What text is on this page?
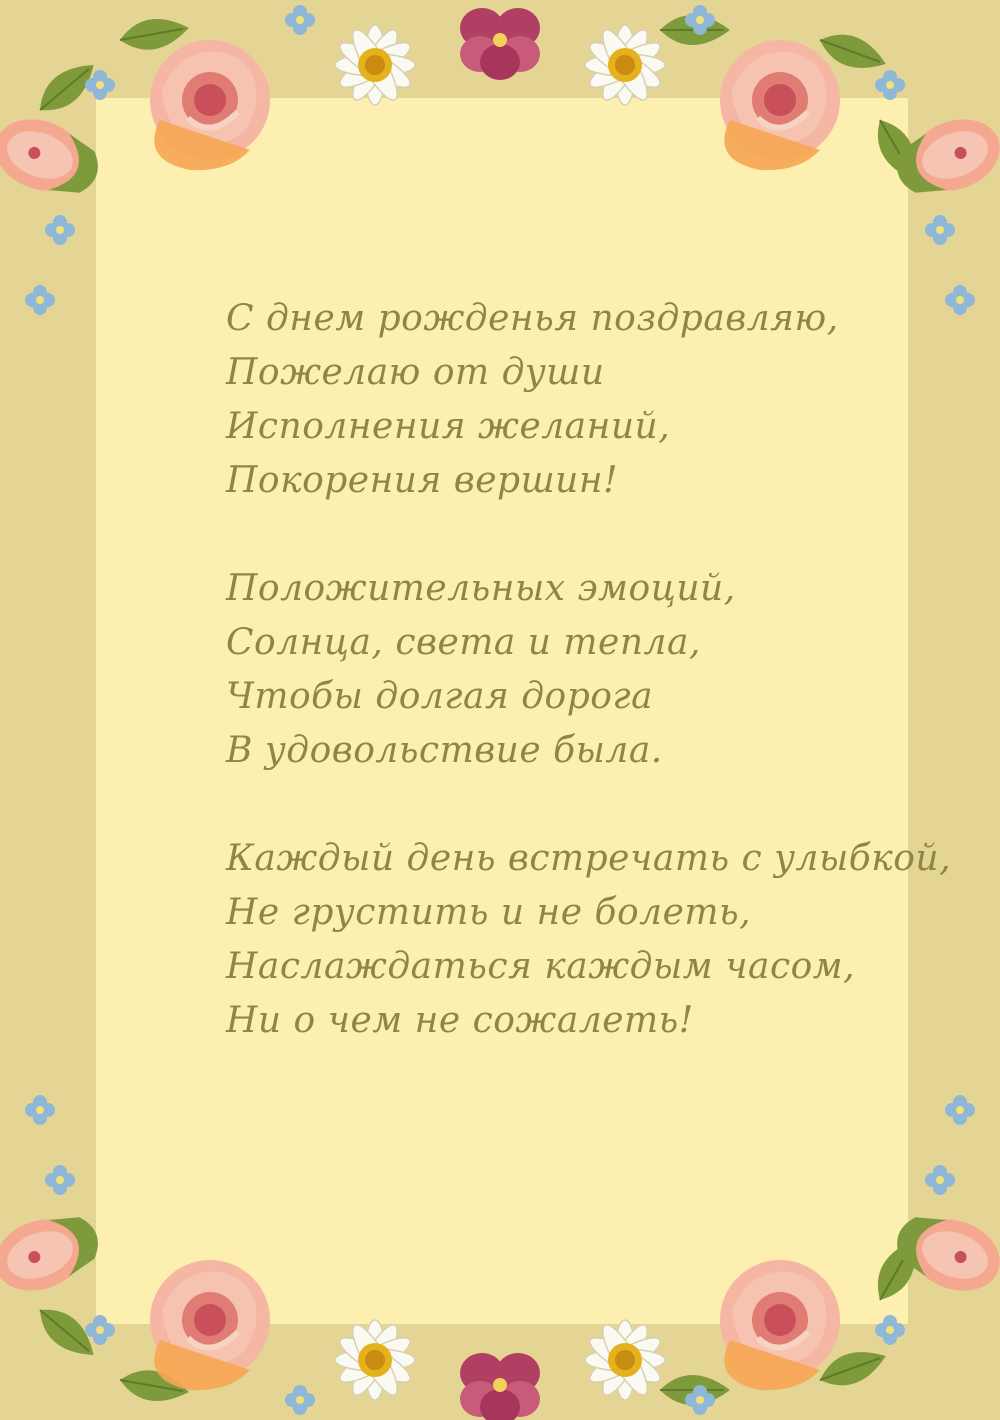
С днем рожденья поздравляю,
Пожелаю от души
Исполнения желаний,
Покорения вершин!
Положительных эмоций,
Солнца, света и тепла,
Чтобы долгая дорога
В удовольствие была.
Каждый день встречать с улыбкой,
Не грустить и не болеть,
Наслаждаться каждым часом,
Ни о чем не сожалеть!
